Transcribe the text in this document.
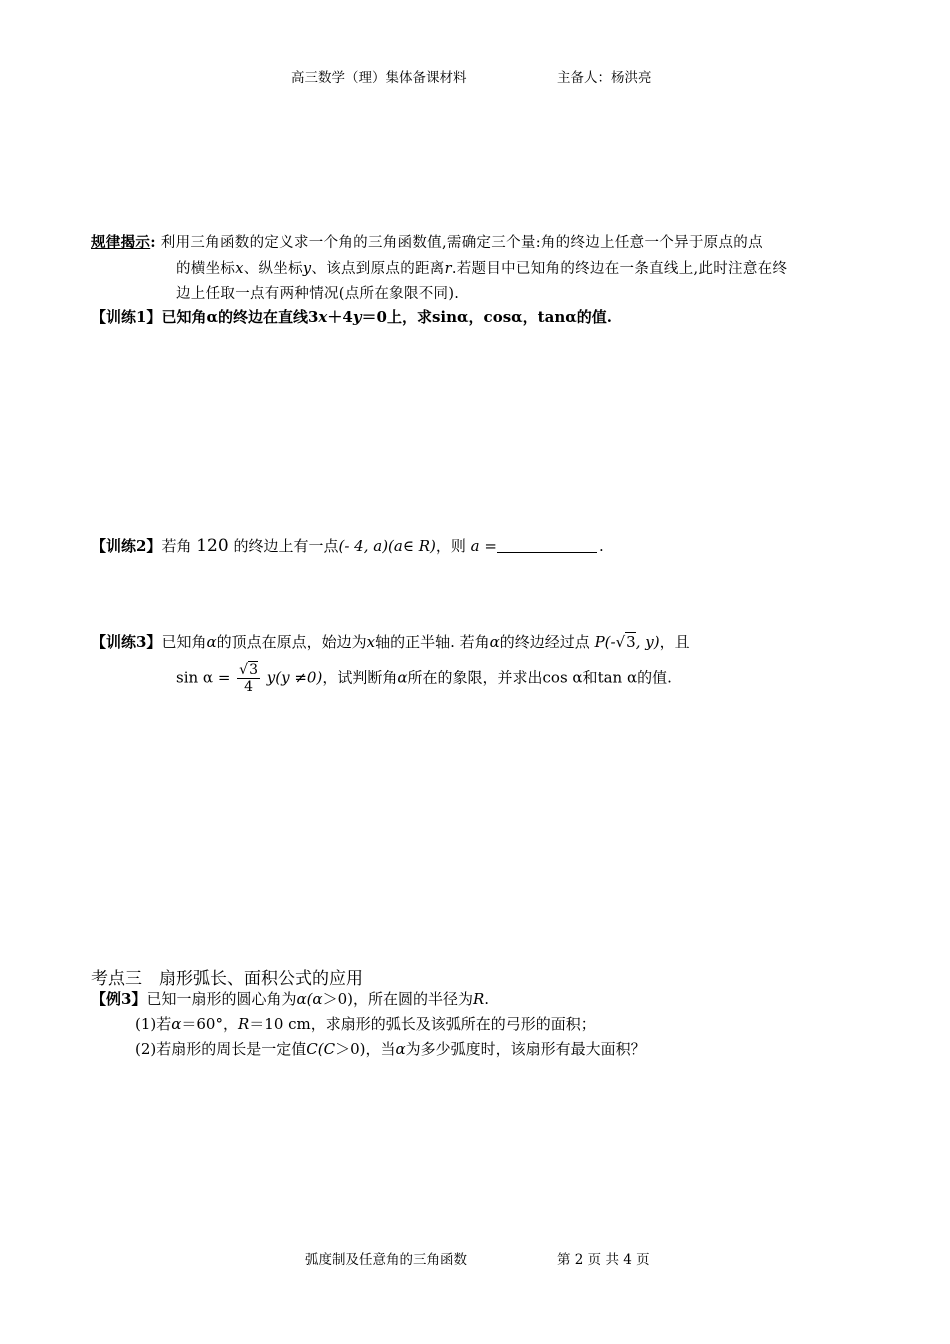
高三数学（理）集体备课材料	主备人：杨洪亮
规律揭示: 利用三角函数的定义求一个角的三角函数值,需确定三个量:角的终边上任意一个异于原点的点
的横坐标x、纵坐标y、该点到原点的距离r.若题目中已知角的终边在一条直线上,此时注意在终
边上任取一点有两种情况(点所在象限不同).
【训练1】已知角α的终边在直线3x＋4y＝0上，求sinα，cosα，tanα的值.
【训练2】若角 120 的终边上有一点(- 4, a)(a∈ R)，则 a =	.
【训练3】已知角α的顶点在原点，始边为x轴的正半轴. 若角α的终边经过点 P(-√3, y)，且
$\sin \alpha = \frac{√3}{4} y(y \ne 0)$，试判断角α所在的象限，并求出cos α和tan α的值.
考点三　扇形弧长、面积公式的应用
【例3】已知一扇形的圆心角为α(α＞0)，所在圆的半径为R.
(1)若α＝60°，R＝10 cm，求扇形的弧长及该弧所在的弓形的面积；
(2)若扇形的周长是一定值C(C＞0)，当α为多少弧度时，该扇形有最大面积？
弧度制及任意角的三角函数	第 2 页 共 4 页
